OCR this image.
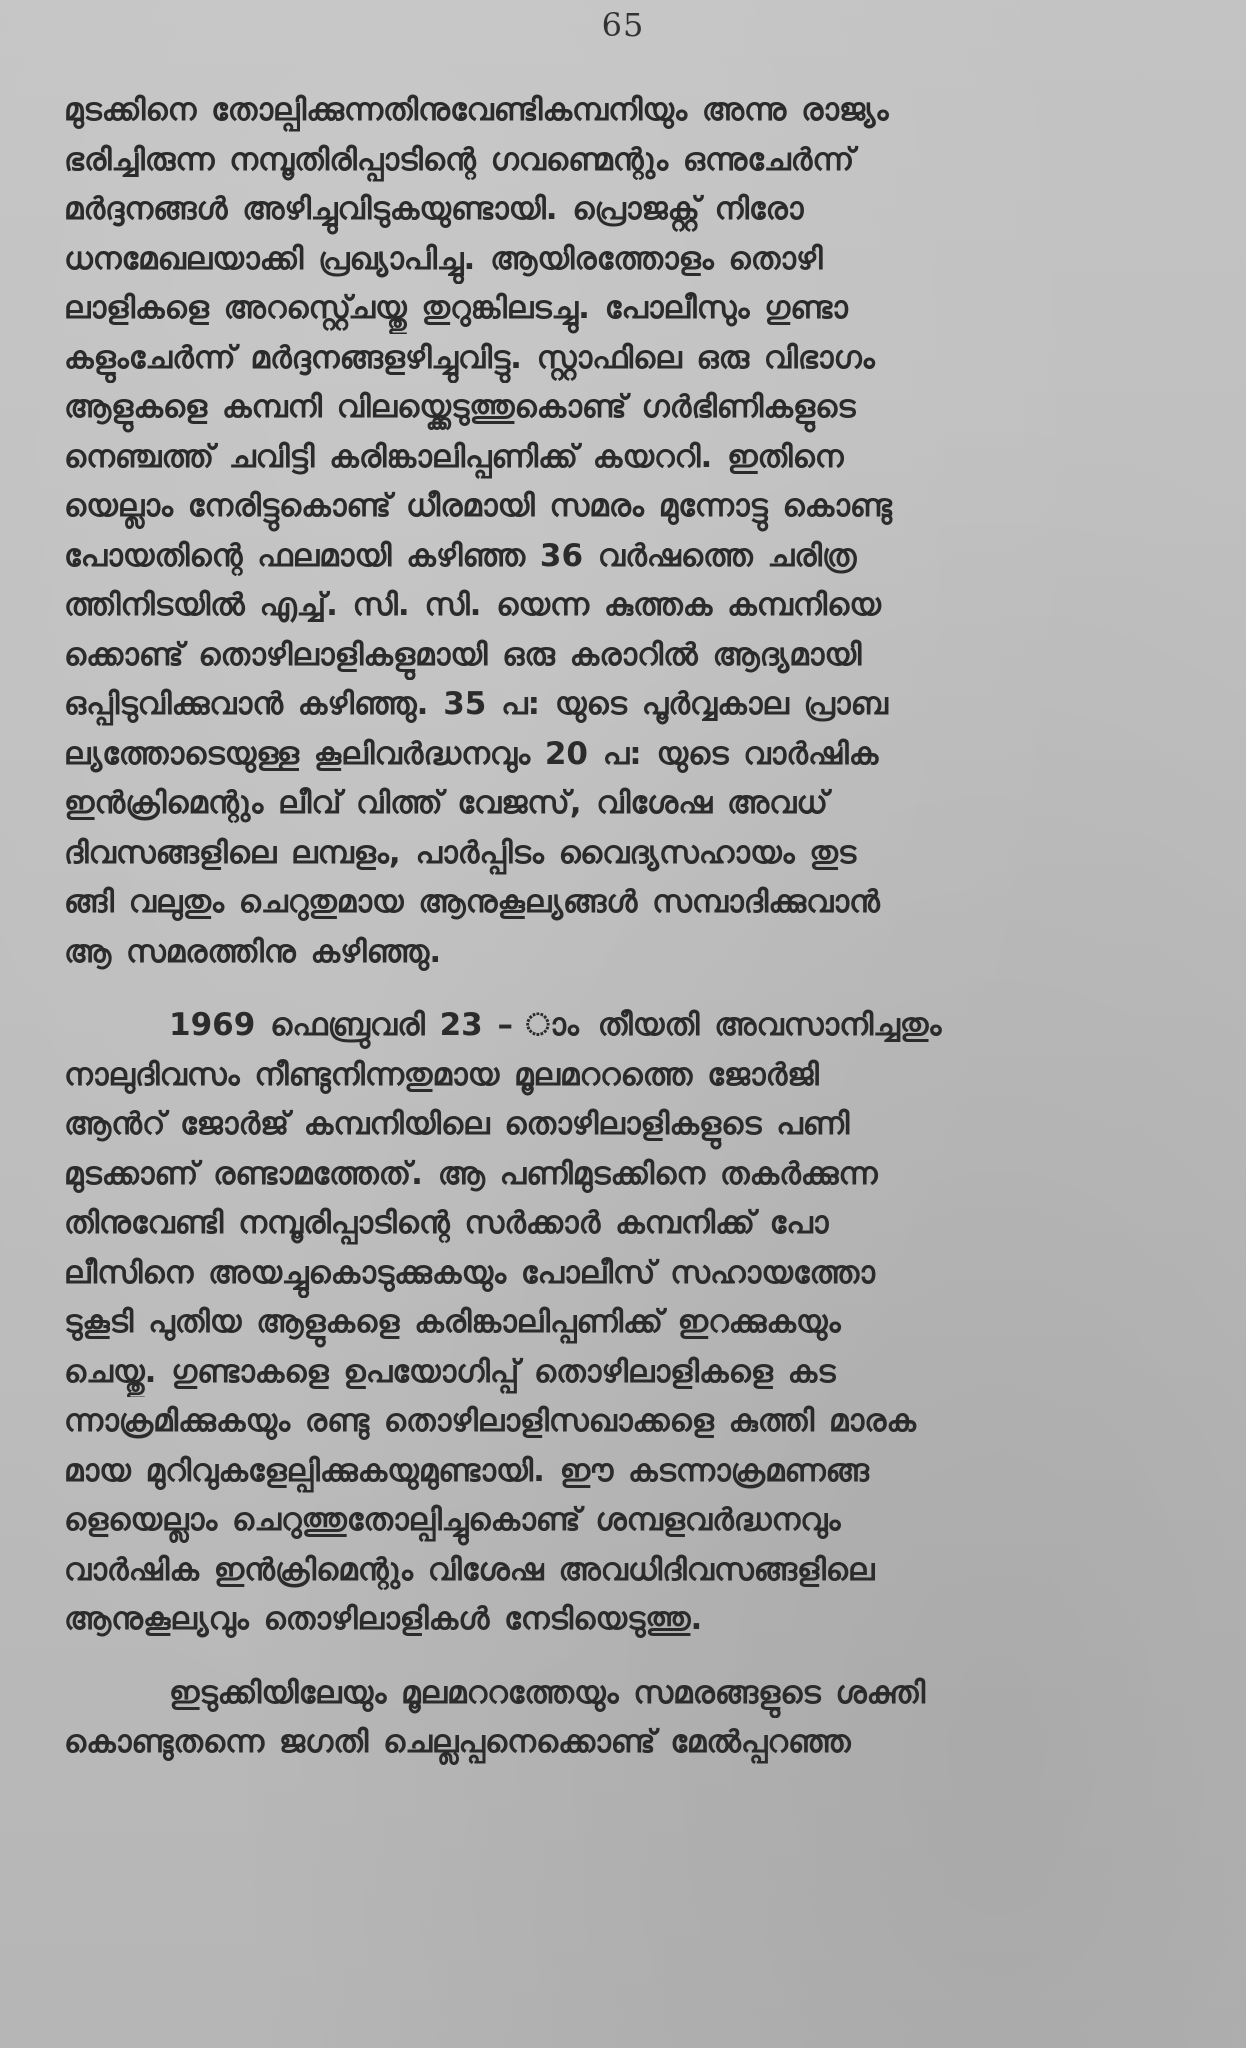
65
മുടക്കിനെ തോല്പിക്കുന്നതിനുവേണ്ടികമ്പനിയും അന്നു രാജ്യം
ഭരിച്ചിരുന്ന നമ്പൂതിരിപ്പാടിന്റെ ഗവണ്മെന്റും ഒന്നുചേർന്ന്
മർദ്ദനങ്ങൾ അഴിച്ചുവിടുകയുണ്ടായി. പ്രൊജക്റ്റ് നിരോ
ധനമേഖലയാക്കി പ്രഖ്യാപിച്ചു. ആയിരത്തോളം തൊഴി
ലാളികളെ അറസ്റ്റ്ചെയ്തു തുറുങ്കിലടച്ചു. പോലീസും ഗുണ്ടാ
കളുംചേർന്ന് മർദ്ദനങ്ങളഴിച്ചുവിട്ടു. സ്റ്റാഫിലെ ഒരു വിഭാഗം
ആളുകളെ കമ്പനി വിലയ്ക്കെടുത്തുകൊണ്ട് ഗർഭിണികളുടെ
നെഞ്ചത്ത് ചവിട്ടി കരിങ്കാലിപ്പണിക്ക് കയററി. ഇതിനെ
യെല്ലാം നേരിട്ടുകൊണ്ട് ധീരമായി സമരം മുന്നോട്ടു കൊണ്ടു
പോയതിന്റെ ഫലമായി കഴിഞ്ഞ 36 വർഷത്തെ ചരിത്ര
ത്തിനിടയിൽ എച്ച്. സി. സി. യെന്ന കുത്തക കമ്പനിയെ
ക്കൊണ്ട് തൊഴിലാളികളുമായി ഒരു കരാറിൽ ആദ്യമായി
ഒപ്പിടുവിക്കുവാൻ കഴിഞ്ഞു. 35 പ: യുടെ പൂർവ്വകാല പ്രാബ
ല്യത്തോടെയുള്ള കൂലിവർദ്ധനവും 20 പ: യുടെ വാർഷിക
ഇൻക്രിമെന്റും ലീവ് വിത്ത് വേജസ്, വിശേഷ അവധ്
ദിവസങ്ങളിലെ ലമ്പളം, പാർപ്പിടം വൈദ്യസഹായം തുട
ങ്ങി വലുതും ചെറുതുമായ ആനുകൂല്യങ്ങൾ സമ്പാദിക്കുവാൻ
ആ സമരത്തിനു കഴിഞ്ഞു.
1969 ഫെബ്രുവരി 23 – ാം തീയതി അവസാനിച്ചതും
നാലുദിവസം നീണ്ടുനിന്നതുമായ മൂലമററത്തെ ജോർജി
ആൻറ് ജോർജ് കമ്പനിയിലെ തൊഴിലാളികളുടെ പണി
മുടക്കാണ് രണ്ടാമത്തേത്. ആ പണിമുടക്കിനെ തകർക്കുന്ന
തിനുവേണ്ടി നമ്പൂരിപ്പാടിന്റെ സർക്കാർ കമ്പനിക്ക് പോ
ലീസിനെ അയച്ചുകൊടുക്കുകയും പോലീസ് സഹായത്തോ
ടുകൂടി പുതിയ ആളുകളെ കരിങ്കാലിപ്പണിക്ക് ഇറക്കുകയും
ചെയ്തു. ഗുണ്ടാകളെ ഉപയോഗിപ്പ് തൊഴിലാളികളെ കട
ന്നാക്രമിക്കുകയും രണ്ടു തൊഴിലാളിസഖാക്കളെ കുത്തി മാരക
മായ മുറിവുകളേല്പിക്കുകയുമുണ്ടായി. ഈ കടന്നാക്രമണങ്ങ
ളെയെല്ലാം ചെറുത്തുതോല്പിച്ചുകൊണ്ട് ശമ്പളവർദ്ധനവും
വാർഷിക ഇൻക്രിമെന്റും വിശേഷ അവധിദിവസങ്ങളിലെ
ആനുകൂല്യവും തൊഴിലാളികൾ നേടിയെടുത്തു.
ഇടുക്കിയിലേയും മൂലമററത്തേയും സമരങ്ങളുടെ ശക്തി
കൊണ്ടുതന്നെ ജഗതി ചെല്ലപ്പനെക്കൊണ്ട് മേൽപ്പറഞ്ഞ
